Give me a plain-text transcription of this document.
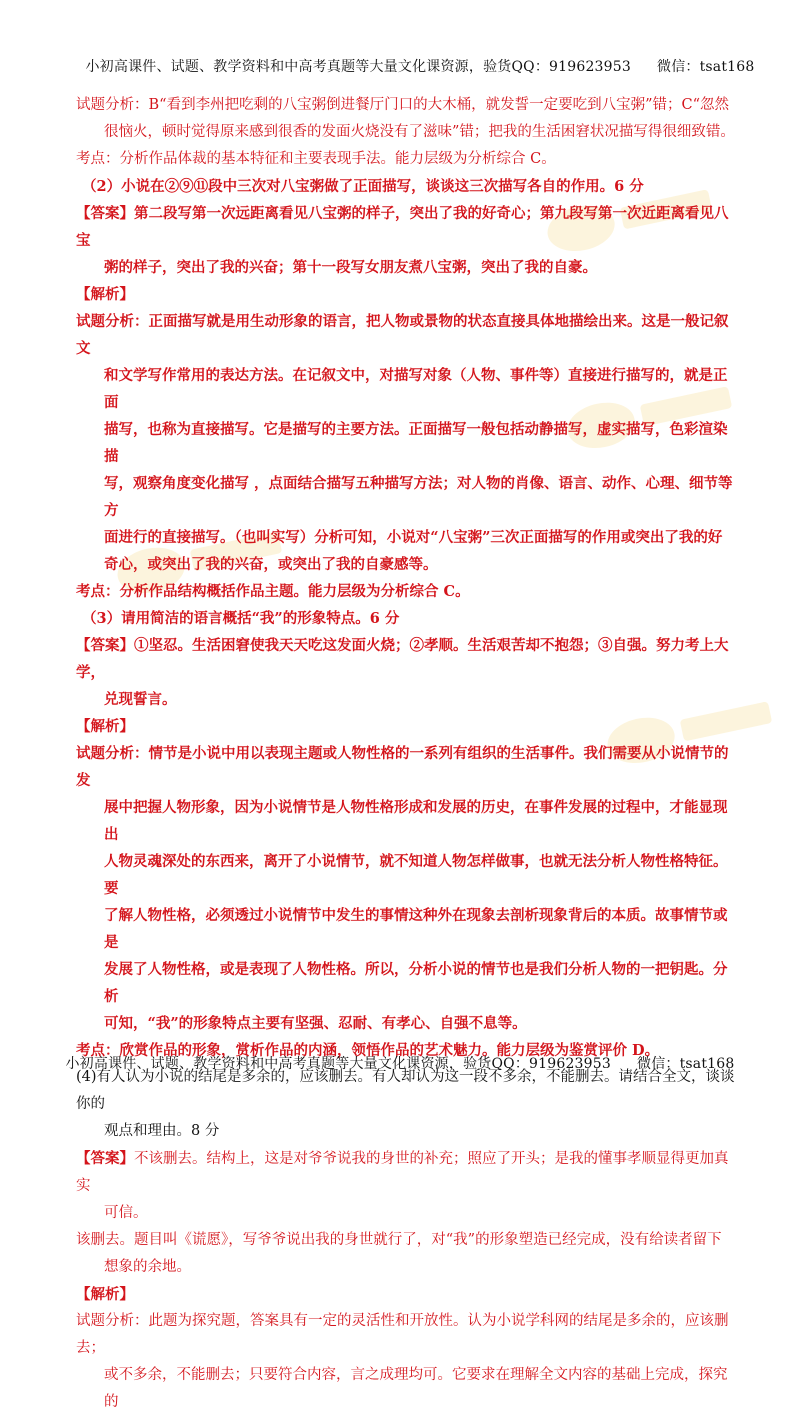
小初高课件、试题、教学资料和中高考真题等大量文化课资源，验货QQ：919623953 微信：tsat168

试题分析：B“看到李州把吃剩的八宝粥倒进餐厅门口的大木桶，就发誓一定要吃到八宝粥”错；C“忽然

很恼火，顿时觉得原来感到很香的发面火烧没有了滋味”错；把我的生活困窘状况描写得很细致错。

考点：分析作品体裁的基本特征和主要表现手法。能力层级为分析综合 C。

（2）小说在②⑨⑪段中三次对八宝粥做了正面描写，谈谈这三次描写各自的作用。6 分

【答案】第二段写第一次远距离看见八宝粥的样子，突出了我的好奇心；第九段写第一次近距离看见八宝

粥的样子，突出了我的兴奋；第十一段写女朋友煮八宝粥，突出了我的自豪。

【解析】

试题分析：正面描写就是用生动形象的语言，把人物或景物的状态直接具体地描绘出来。这是一般记叙文

和文学写作常用的表达方法。在记叙文中，对描写对象（人物、事件等）直接进行描写的，就是正面

描写，也称为直接描写。它是描写的主要方法。正面描写一般包括动静描写，虚实描写，色彩渲染描

写，观察角度变化描写 ，点面结合描写五种描写方法；对人物的肖像、语言、动作、心理、细节等方

面进行的直接描写。（也叫实写）分析可知，小说对“八宝粥”三次正面描写的作用或突出了我的好

奇心，或突出了我的兴奋，或突出了我的自豪感等。

考点：分析作品结构概括作品主题。能力层级为分析综合 C。

（3）请用简洁的语言概括“我”的形象特点。6 分

【答案】①坚忍。生活困窘使我天天吃这发面火烧；②孝顺。生活艰苦却不抱怨；③自强。努力考上大学，

兑现誓言。

【解析】

试题分析：情节是小说中用以表现主题或人物性格的一系列有组织的生活事件。我们需要从小说情节的发

展中把握人物形象，因为小说情节是人物性格形成和发展的历史，在事件发展的过程中，才能显现出

人物灵魂深处的东西来，离开了小说情节，就不知道人物怎样做事，也就无法分析人物性格特征。要

了解人物性格，必须透过小说情节中发生的事情这种外在现象去剖析现象背后的本质。故事情节或是

发展了人物性格，或是表现了人物性格。所以，分析小说的情节也是我们分析人物的一把钥匙。分析

可知，“我”的形象特点主要有坚强、忍耐、有孝心、自强不息等。

考点：欣赏作品的形象，赏析作品的内涵，领悟作品的艺术魅力。能力层级为鉴赏评价 D。

(4)有人认为小说的结尾是多余的，应该删去。有人却认为这一段不多余，不能删去。请结合全文，谈谈你的

观点和理由。8 分

【答案】不该删去。结构上，这是对爷爷说我的身世的补充；照应了开头；是我的懂事孝顺显得更加真实

可信。

该删去。题目叫《谎愿》，写爷爷说出我的身世就行了，对“我”的形象塑造已经完成，没有给读者留下

想象的余地。

【解析】

试题分析：此题为探究题，答案具有一定的灵活性和开放性。认为小说学科网的结尾是多余的，应该删去；

或不多余，不能删去；只要符合内容，言之成理均可。它要求在理解全文内容的基础上完成，探究的

小初高课件、试题、教学资料和中高考真题等大量文化课资源，验货QQ：919623953 微信：tsat168
